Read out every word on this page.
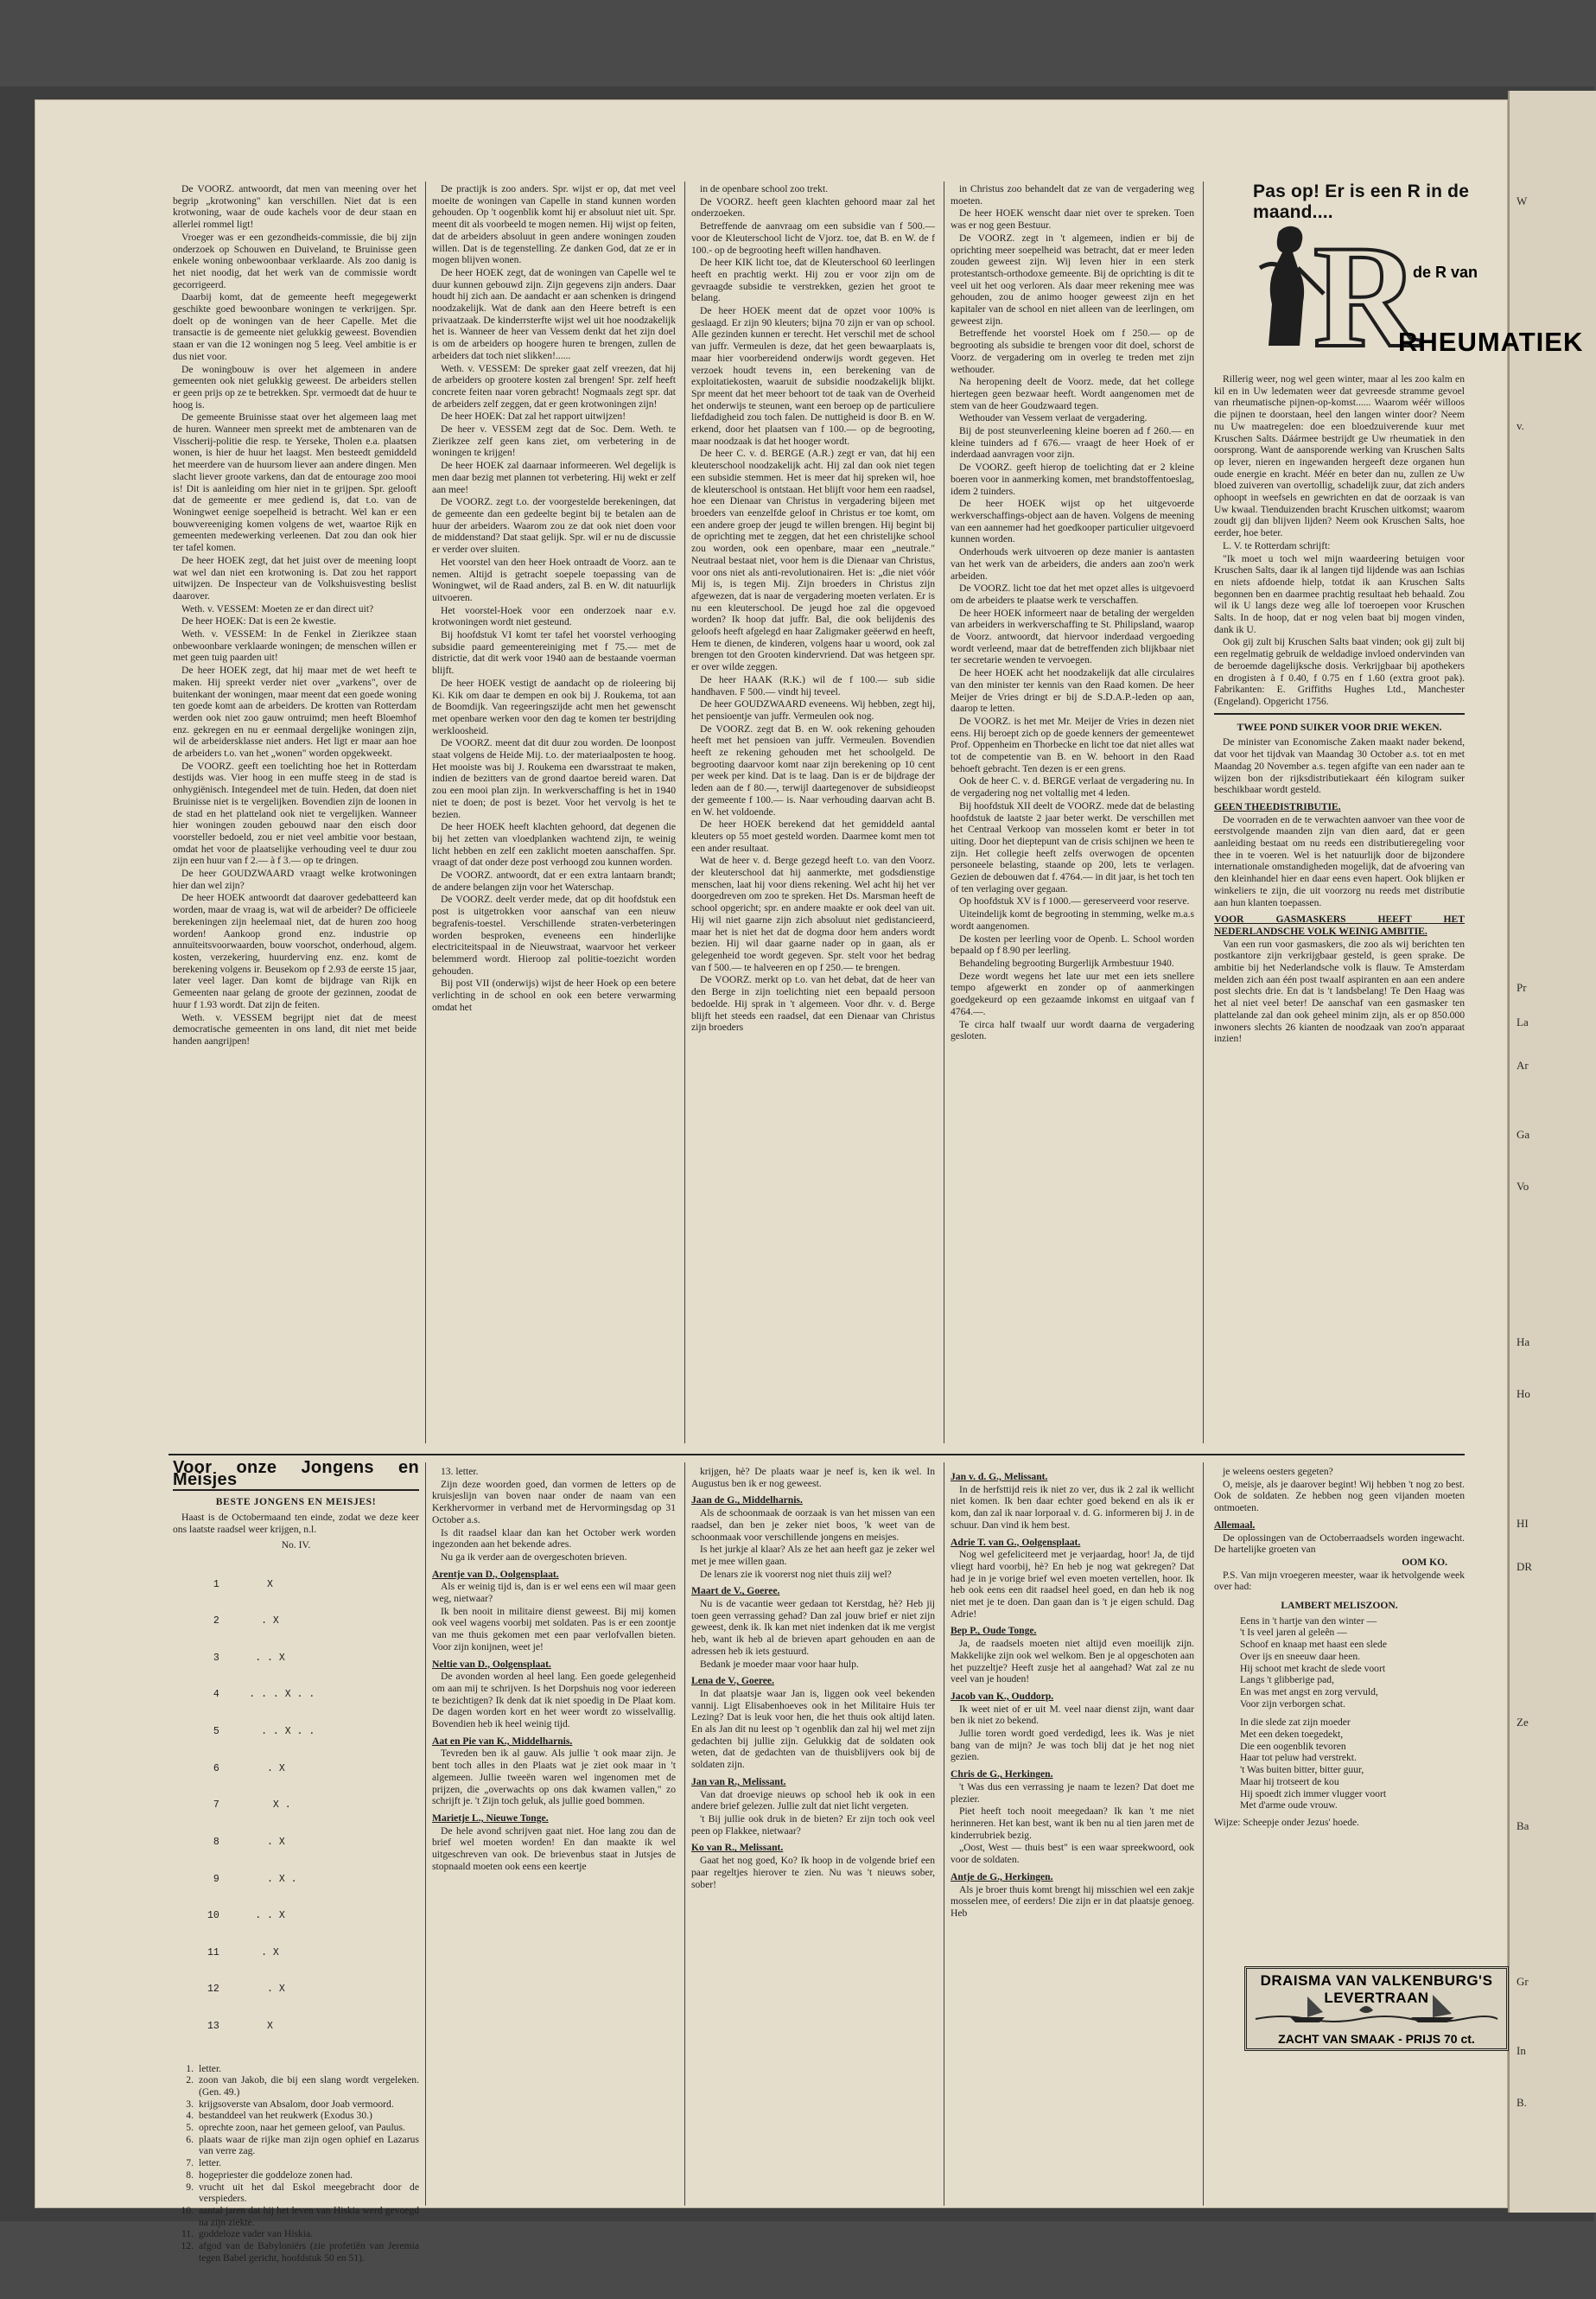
W
v.
Pr
La
Ar
Ga
Vo
Ha
Ho
HI
DR
Ze
Ba
Gr
In
B.

De VOORZ. antwoordt, dat men van meening over het begrip „krotwoning" kan verschillen. Niet dat is een krotwoning, waar de oude kachels voor de deur staan en allerlei rommel ligt!

Vroeger was er een gezondheids-commissie, die bij zijn onderzoek op Schouwen en Duiveland, te Bruinisse geen enkele woning onbewoonbaar verklaarde. Als zoo danig is het niet noodig, dat het werk van de commissie wordt gecorrigeerd.

Daarbij komt, dat de gemeente heeft megegewerkt geschikte goed bewoonbare woningen te verkrijgen. Spr. doelt op de woningen van de heer Capelle. Met die transactie is de gemeente niet gelukkig geweest. Bovendien staan er van die 12 woningen nog 5 leeg. Veel ambitie is er dus niet voor.

De woningbouw is over het algemeen in andere gemeenten ook niet gelukkig geweest. De arbeiders stellen er geen prijs op ze te betrekken. Spr. vermoedt dat de huur te hoog is.

De gemeente Bruinisse staat over het algemeen laag met de huren. Wanneer men spreekt met de ambtenaren van de Visscherij-politie die resp. te Yerseke, Tholen e.a. plaatsen wonen, is hier de huur het laagst. Men besteedt gemiddeld het meerdere van de huursom liever aan andere dingen. Men slacht liever groote varkens, dan dat de entourage zoo mooi is! Dit is aanleiding om hier niet in te grijpen. Spr. gelooft dat de gemeente er mee gediend is, dat t.o. van de Woningwet eenige soepelheid is betracht. Wel kan er een bouwvereeniging komen volgens de wet, waartoe Rijk en gemeenten medewerking verleenen. Dat zou dan ook hier ter tafel komen.

De heer HOEK zegt, dat het juist over de meening loopt wat wel dan niet een krotwoning is. Dat zou het rapport uitwijzen. De Inspecteur van de Volkshuisvesting beslist daarover.

Weth. v. VESSEM: Moeten ze er dan direct uit?

De heer HOEK: Dat is een 2e kwestie.

Weth. v. VESSEM: In de Fenkel in Zierikzee staan onbewoonbare verklaarde woningen; de menschen willen er met geen tuig paarden uit!

De heer HOEK zegt, dat hij maar met de wet heeft te maken. Hij spreekt verder niet over „varkens", over de buitenkant der woningen, maar meent dat een goede woning ten goede komt aan de arbeiders. De krotten van Rotterdam werden ook niet zoo gauw ontruimd; men heeft Bloemhof enz. gekregen en nu er eenmaal dergelijke woningen zijn, wil de arbeidersklasse niet anders. Het ligt er maar aan hoe de arbeiders t.o. van het „wonen" worden opgekweekt.

De VOORZ. geeft een toelichting hoe het in Rotterdam destijds was. Vier hoog in een muffe steeg in de stad is onhygiënisch. Integendeel met de tuin. Heden, dat doen niet Bruinisse niet is te vergelijken. Bovendien zijn de loonen in de stad en het platteland ook niet te vergelijken. Wanneer hier woningen zouden gebouwd naar den eisch door voorsteller bedoeld, zou er niet veel ambitie voor bestaan, omdat het voor de plaatselijke verhouding veel te duur zou zijn een huur van f 2.— à f 3.— op te dringen.

De heer GOUDZWAARD vraagt welke krotwoningen hier dan wel zijn?

De heer HOEK antwoordt dat daarover gedebatteerd kan worden, maar de vraag is, wat wil de arbeider? De officieele berekeningen zijn heelemaal niet, dat de huren zoo hoog worden! Aankoop grond enz. industrie op annuïteitsvoorwaarden, bouw voorschot, onderhoud, algem. kosten, verzekering, huurderving enz. enz. komt de berekening volgens ir. Beusekom op f 2.93 de eerste 15 jaar, later veel lager. Dan komt de bijdrage van Rijk en Gemeenten naar gelang de groote der gezinnen, zoodat de huur f 1.93 wordt. Dat zijn de feiten.

Weth. v. VESSEM begrijpt niet dat de meest democratische gemeenten in ons land, dit niet met beide handen aangrijpen!

De practijk is zoo anders. Spr. wijst er op, dat met veel moeite de woningen van Capelle in stand kunnen worden gehouden. Op 't oogenblik komt hij er absoluut niet uit. Spr. meent dit als voorbeeld te mogen nemen. Hij wijst op feiten, dat de arbeiders absoluut in geen andere woningen zouden willen. Dat is de tegenstelling. Ze danken God, dat ze er in mogen blijven wonen.

De heer HOEK zegt, dat de woningen van Capelle wel te duur kunnen gebouwd zijn. Zijn gegevens zijn anders. Daar houdt hij zich aan. De aandacht er aan schenken is dringend noodzakelijk. Wat de dank aan den Heere betreft is een privaatzaak. De kinderrsterfte wijst wel uit hoe noodzakelijk het is. Wanneer de heer van Vessem denkt dat het zijn doel is om de arbeiders op hoogere huren te brengen, zullen de arbeiders dat toch niet slikken!......

Weth. v. VESSEM: De spreker gaat zelf vreezen, dat hij de arbeiders op grootere kosten zal brengen! Spr. zelf heeft concrete feiten naar voren gebracht! Nogmaals zegt spr. dat de arbeiders zelf zeggen, dat er geen krotwoningen zijn!

De heer HOEK: Dat zal het rapport uitwijzen!

De heer v. VESSEM zegt dat de Soc. Dem. Weth. te Zierikzee zelf geen kans ziet, om verbetering in de woningen te krijgen!

De heer HOEK zal daarnaar informeeren. Wel degelijk is men daar bezig met plannen tot verbetering. Hij wekt er zelf aan mee!

De VOORZ. zegt t.o. der voorgestelde berekeningen, dat de gemeente dan een gedeelte begint bij te betalen aan de huur der arbeiders. Waarom zou ze dat ook niet doen voor de middenstand? Dat staat gelijk. Spr. wil er nu de discussie er verder over sluiten.

Het voorstel van den heer Hoek ontraadt de Voorz. aan te nemen. Altijd is getracht soepele toepassing van de Woningwet, wil de Raad anders, zal B. en W. dit natuurlijk uitvoeren.

Het voorstel-Hoek voor een onderzoek naar e.v. krotwoningen wordt niet gesteund.

Bij hoofdstuk VI komt ter tafel het voorstel verhooging subsidie paard gemeentereiniging met f 75.— met de districtie, dat dit werk voor 1940 aan de bestaande voerman blijft.

De heer HOEK vestigt de aandacht op de rioleering bij Ki. Kik om daar te dempen en ook bij J. Roukema, tot aan de Boomdijk. Van regeeringszijde acht men het gewenscht met openbare werken voor den dag te komen ter bestrijding werkloosheid.

De VOORZ. meent dat dit duur zou worden. De loonpost staat volgens de Heide Mij. t.o. der materiaalposten te hoog. Het mooiste was bij J. Roukema een dwarsstraat te maken, indien de bezitters van de grond daartoe bereid waren. Dat zou een mooi plan zijn. In werkverschaffing is het in 1940 niet te doen; de post is bezet. Voor het vervolg is het te bezien.

De heer HOEK heeft klachten gehoord, dat degenen die bij het zetten van vloedplanken wachtend zijn, te weinig licht hebben en zelf een zaklicht moeten aanschaffen. Spr. vraagt of dat onder deze post verhoogd zou kunnen worden.

De VOORZ. antwoordt, dat er een extra lantaarn brandt; de andere belangen zijn voor het Waterschap.

De VOORZ. deelt verder mede, dat op dit hoofdstuk een post is uitgetrokken voor aanschaf van een nieuw begrafenis-toestel. Verschillende straten-verbeteringen worden besproken, eveneens een hinderlijke electriciteitspaal in de Nieuwstraat, waarvoor het verkeer belemmerd wordt. Hieroop zal politie-toezicht worden gehouden.

Bij post VII (onderwijs) wijst de heer Hoek op een betere verlichting in de school en ook een betere verwarming omdat het

in de openbare school zoo trekt.

De VOORZ. heeft geen klachten gehoord maar zal het onderzoeken.

Betreffende de aanvraag om een subsidie van f 500.— voor de Kleuterschool licht de Vjorz. toe, dat B. en W. de f 100.- op de begrooting heeft willen handhaven.

De heer KIK licht toe, dat de Kleuterschool 60 leerlingen heeft en prachtig werkt. Hij zou er voor zijn om de gevraagde subsidie te verstrekken, gezien het groot te belang.

De heer HOEK meent dat de opzet voor 100% is geslaagd. Er zijn 90 kleuters; bijna 70 zijn er van op school. Alle gezinden kunnen er terecht. Het verschil met de school van juffr. Vermeulen is deze, dat het geen bewaarplaats is, maar hier voorbereidend onderwijs wordt gegeven. Het verzoek houdt tevens in, een berekening van de exploitatiekosten, waaruit de subsidie noodzakelijk blijkt. Spr meent dat het meer behoort tot de taak van de Overheid het onderwijs te steunen, want een beroep op de particuliere liefdadigheid zou toch falen. De nuttigheid is door B. en W. erkend, door het plaatsen van f 100.— op de begrooting, maar noodzaak is dat het hooger wordt.

De heer C. v. d. BERGE (A.R.) zegt er van, dat hij een kleuterschool noodzakelijk acht. Hij zal dan ook niet tegen een subsidie stemmen. Het is meer dat hij spreken wil, hoe de kleuterschool is ontstaan. Het blijft voor hem een raadsel, hoe een Dienaar van Christus in vergadering bijeen met broeders van eenzelfde geloof in Christus er toe komt, om een andere groep der jeugd te willen brengen. Hij begint bij de oprichting met te zeggen, dat het een christelijke school zou worden, ook een openbare, maar een „neutrale." Neutraal bestaat niet, voor hem is die Dienaar van Christus, voor ons niet als anti-revolutionairen. Het is: „die niet vóór Mij is, is tegen Mij. Zijn broeders in Christus zijn afgewezen, dat is naar de vergadering moeten verlaten. Er is nu een kleuterschool. De jeugd hoe zal die opgevoed worden? Ik hoop dat juffr. Bal, die ook belijdenis des geloofs heeft afgelegd en haar Zaligmaker geëerwd en heeft, Hem te dienen, de kinderen, volgens haar u woord, ook zal brengen tot den Grooten kindervriend. Dat was hetgeen spr. er over wilde zeggen.

De heer HAAK (R.K.) wil de f 100.— sub sidie handhaven. F 500.— vindt hij teveel.

De heer GOUDZWAARD eveneens. Wij hebben, zegt hij, het pensioentje van juffr. Vermeulen ook nog.

De VOORZ. zegt dat B. en W. ook rekening gehouden heeft met het pensioen van juffr. Vermeulen. Bovendien heeft ze rekening gehouden met het schoolgeld. De begrooting daarvoor komt naar zijn berekening op 10 cent per week per kind. Dat is te laag. Dan is er de bijdrage der leden aan de f 80.—, terwijl daartegenover de subsidieopst der gemeente f 100.— is. Naar verhouding daarvan acht B. en W. het voldoende.

De heer HOEK berekend dat het gemiddeld aantal kleuters op 55 moet gesteld worden. Daarmee komt men tot een ander resultaat.

Wat de heer v. d. Berge gezegd heeft t.o. van den Voorz. der kleuterschool dat hij aanmerkte, met godsdienstige menschen, laat hij voor diens rekening. Wel acht hij het ver doorgedreven om zoo te spreken. Het Ds. Marsman heeft de school opgericht; spr. en andere maakte er ook deel van uit. Hij wil niet gaarne zijn zich absoluut niet gedistancieerd, maar het is niet het dat de dogma door hem anders wordt bezien. Hij wil daar gaarne nader op in gaan, als er gelegenheid toe wordt gegeven. Spr. stelt voor het bedrag van f 500.— te halveeren en op f 250.— te brengen.

De VOORZ. merkt op t.o. van het debat, dat de heer van den Berge in zijn toelichting niet een bepaald persoon bedoelde. Hij sprak in 't algemeen. Voor dhr. v. d. Berge blijft het steeds een raadsel, dat een Dienaar van Christus zijn broeders

in Christus zoo behandelt dat ze van de vergadering weg moeten.

De heer HOEK wenscht daar niet over te spreken. Toen was er nog geen Bestuur.

De VOORZ. zegt in 't algemeen, indien er bij de oprichting meer soepelheid was betracht, dat er meer leden zouden geweest zijn. Wij leven hier in een sterk protestantsch-orthodoxe gemeente. Bij de oprichting is dit te veel uit het oog verloren. Als daar meer rekening mee was gehouden, zou de animo hooger geweest zijn en het kapitaler van de school en niet alleen van de leerlingen, om geweest zijn.

Betreffende het voorstel Hoek om f 250.— op de begrooting als subsidie te brengen voor dit doel, schorst de Voorz. de vergadering om in overleg te treden met zijn wethouder.

Na heropening deelt de Voorz. mede, dat het college hiertegen geen bezwaar heeft. Wordt aangenomen met de stem van de heer Goudzwaard tegen.

Wethouder van Vessem verlaat de vergadering.

Bij de post steunverleening kleine boeren ad f 260.— en kleine tuinders ad f 676.— vraagt de heer Hoek of er inderdaad aanvragen voor zijn.

De VOORZ. geeft hierop de toelichting dat er 2 kleine boeren voor in aanmerking komen, met brandstoffentoeslag, idem 2 tuinders.

De heer HOEK wijst op het uitgevoerde werkverschaffings-object aan de haven. Volgens de meening van een aannemer had het goedkooper particulier uitgevoerd kunnen worden.

Onderhouds werk uitvoeren op deze manier is aantasten van het werk van de arbeiders, die anders aan zoo'n werk arbeiden.

De VOORZ. licht toe dat het met opzet alles is uitgevoerd om de arbeiders te plaatse werk te verschaffen.

De heer HOEK informeert naar de betaling der wergelden van arbeiders in werkverschaffing te St. Philipsland, waarop de Voorz. antwoordt, dat hiervoor inderdaad vergoeding wordt verleend, maar dat de betreffenden zich blijkbaar niet ter secretarie wenden te vervoegen.

De heer HOEK acht het noodzakelijk dat alle circulaires van den minister ter kennis van den Raad komen. De heer Meijer de Vries dringt er bij de S.D.A.P.-leden op aan, daarop te letten.

De VOORZ. is het met Mr. Meijer de Vries in dezen niet eens. Hij beroept zich op de goede kenners der gemeentewet Prof. Oppenheim en Thorbecke en licht toe dat niet alles wat tot de competentie van B. en W. behoort in den Raad behoeft gebracht. Ten dezen is er een grens.

Ook de heer C. v. d. BERGE verlaat de vergadering nu. In de vergadering nog net voltallig met 4 leden.

Bij hoofdstuk XII deelt de VOORZ. mede dat de belasting hoofdstuk de laatste 2 jaar beter werkt. De verschillen met het Centraal Verkoop van mosselen komt er beter in tot uiting. Door het dieptepunt van de crisis schijnen we heen te zijn. Het collegie heeft zelfs overwogen de opcenten personeele belasting, staande op 200, lets te verlagen. Gezien de debouwen dat f. 4764.— in dit jaar, is het toch ten of ten verlaging over gegaan.

Op hoofdstuk XV is f 1000.— gereserveerd voor reserve.

Uiteindelijk komt de begrooting in stemming, welke m.a.s wordt aangenomen.

De kosten per leerling voor de Openb. L. School worden bepaald op f 8.90 per leerling.

Behandeling begrooting Burgerlijk Armbestuur 1940.

Deze wordt wegens het late uur met een iets snellere tempo afgewerkt en zonder op of aanmerkingen goedgekeurd op een gezaamde inkomst en uitgaaf van f 4764.—.

Te circa half twaalf uur wordt daarna de vergadering gesloten.

Pas op! Er is een R in de maand....
R
de R van
RHEUMATIEK

Rillerig weer, nog wel geen winter, maar al les zoo kalm en kil en in Uw ledematen weer dat gevreesde stramme gevoel van rheumatische pijnen-op-komst...... Waarom wéér willoos die pijnen te doorstaan, heel den langen winter door? Neem nu Uw maatregelen: doe een bloedzuiverende kuur met Kruschen Salts. Dáármee bestrijdt ge Uw rheumatiek in den oorsprong. Want de aansporende werking van Kruschen Salts op lever, nieren en ingewanden hergeeft deze organen hun oude energie en kracht. Méér en beter dan nu, zullen ze Uw bloed zuiveren van overtollig, schadelijk zuur, dat zich anders ophoopt in weefsels en gewrichten en dat de oorzaak is van Uw kwaal. Tienduizenden bracht Kruschen uitkomst; waarom zoudt gij dan blijven lijden? Neem ook Kruschen Salts, hoe eerder, hoe beter.

L. V. te Rotterdam schrijft:

"Ik moet u toch wel mijn waardeering betuigen voor Kruschen Salts, daar ik al langen tijd lijdende was aan Ischias en niets afdoende hielp, totdat ik aan Kruschen Salts begonnen ben en daarmee prachtig resultaat heb behaald. Zou wil ik U langs deze weg alle lof toeroepen voor Kruschen Salts. In de hoop, dat er nog velen baat bij mogen vinden, dank ik U.

Ook gij zult bij Kruschen Salts baat vinden; ook gij zult bij een regelmatig gebruik de weldadige invloed ondervinden van de beroemde dagelijksche dosis. Verkrijgbaar bij apothekers en drogisten à f 0.40, f 0.75 en f 1.60 (extra groot pak). Fabrikanten: E. Griffiths Hughes Ltd., Manchester (Engeland). Opgericht 1756.

TWEE POND SUIKER VOOR DRIE WEKEN.

De minister van Economische Zaken maakt nader bekend, dat voor het tijdvak van Maandag 30 October a.s. tot en met Maandag 20 November a.s. tegen afgifte van een nader aan te wijzen bon der rijksdistributiekaart één kilogram suiker beschikbaar wordt gesteld.

GEEN THEEDISTRIBUTIE.

De voorraden en de te verwachten aanvoer van thee voor de eerstvolgende maanden zijn van dien aard, dat er geen aanleiding bestaat om nu reeds een distributieregeling voor thee in te voeren. Wel is het natuurlijk door de bijzondere internationale omstandigheden mogelijk, dat de afvoering van den kleinhandel hier en daar eens even hapert. Ook blijken er winkeliers te zijn, die uit voorzorg nu reeds met distributie aan hun klanten toepassen.

VOOR GASMASKERS HEEFT HET NEDERLANDSCHE VOLK WEINIG AMBITIE.

Van een run voor gasmaskers, die zoo als wij berichten ten postkantore zijn verkrijgbaar gesteld, is geen sprake. De ambitie bij het Nederlandsche volk is flauw. Te Amsterdam melden zich aan één post twaalf aspiranten en aan een andere post slechts drie. En dat is 't landsbelang! Te Den Haag was het al niet veel beter! De aanschaf van een gasmasker ten plattelande zal dan ook geheel minim zijn, als er op 850.000 inwoners slechts 26 kianten de noodzaak van zoo'n apparaat inzien!

Voor onze Jongens en Meisjes
BESTE JONGENS EN MEISJES!

Haast is de Octobermaand ten einde, zodat we deze keer ons laatste raadsel weer krijgen, n.l.

No. IV.

1        X

2       . X

3      . . X

4     . . . X . .

5       . . X . .

6        . X

7         X .

8        . X

9        . X .

10      . . X

11       . X

12        . X

13        X

1. letter.
2. zoon van Jakob, die bij een slang wordt vergeleken. (Gen. 49.)
3. krijgsoverste van Absalom, door Joab vermoord.
4. bestanddeel van het reukwerk (Exodus 30.)
5. oprechte zoon, naar het gemeen geloof, van Paulus.
6. plaats waar de rijke man zijn ogen ophief en Lazarus van verre zag.
7. letter.
8. hogepriester die goddeloze zonen had.
9. vrucht uit het dal Eskol meegebracht door de verspieders.
10. aantal jaren dat hij het leven van Hiskia werd gevoegd na zijn ziekte.
11. goddeloze vader van Hiskia.
12. afgod van de Babyloniërs (zie profetiën van Jeremia tegen Babel gericht, hoofdstuk 50 en 51).

13. letter.

Zijn deze woorden goed, dan vormen de letters op de kruisjeslijn van boven naar onder de naam van een Kerkhervormer in verband met de Hervormingsdag op 31 October a.s.

Is dit raadsel klaar dan kan het October werk worden ingezonden aan het bekende adres.

Nu ga ik verder aan de overgeschoten brieven.

Arentje van D., Oolgensplaat.

Als er weinig tijd is, dan is er wel eens een wil maar geen weg, nietwaar?

Ik ben nooit in militaire dienst geweest. Bij mij komen ook veel wagens voorbij met soldaten. Pas is er een zoontje van me thuis gekomen met een paar verlofvallen bieten. Voor zijn konijnen, weet je!

Neltie van D., Oolgensplaat.

De avonden worden al heel lang. Een goede gelegenheid om aan mij te schrijven. Is het Dorpshuis nog voor iedereen te bezichtigen? Ik denk dat ik niet spoedig in De Plaat kom. De dagen worden kort en het weer wordt zo wisselvallig. Bovendien heb ik heel weinig tijd.

Aat en Pie van K., Middelharnis.

Tevreden ben ik al gauw. Als jullie 't ook maar zijn. Je bent toch alles in den Plaats wat je ziet ook maar in 't algemeen. Jullie tweeën waren wel ingenomen met de prijzen, die „overwachts op ons dak kwamen vallen," zo schrijft je. 't Zijn toch geluk, als jullie goed bommen.

Marietje L., Nieuwe Tonge.

De hele avond schrijven gaat niet. Hoe lang zou dan de brief wel moeten worden! En dan maakte ik wel uitgeschreven van ook. De brievenbus staat in Jutsjes de stopnaald moeten ook eens een keertje

krijgen, hè? De plaats waar je neef is, ken ik wel. In Augustus ben ik er nog geweest.

Jaan de G., Middelharnis.

Als de schoonmaak de oorzaak is van het missen van een raadsel, dan ben je zeker niet boos, 'k weet van de schoonmaak voor verschillende jongens en meisjes.

Is het jurkje al klaar? Als ze het aan heeft gaz je zeker wel met je mee willen gaan.

De lenars zie ik voorerst nog niet thuis ziij wel?

Maart de V., Goeree.

Nu is de vacantie weer gedaan tot Kerstdag, hè? Heb jij toen geen verrassing gehad? Dan zal jouw brief er niet zijn geweest, denk ik. Ik kan met niet indenken dat ik me vergist heb, want ik heb al de brieven apart gehouden en aan de adressen heb ik iets gestuurd.

Bedank je moeder maar voor haar hulp.

Lena de V., Goeree.

In dat plaatsje waar Jan is, liggen ook veel bekenden vannij. Ligt Elisabenhoeves ook in het Militaire Huis ter Lezing? Dat is leuk voor hen, die het thuis ook altijd laten. En als Jan dit nu leest op 't ogenblik dan zal hij wel met zijn gedachten bij jullie zijn. Gelukkig dat de soldaten ook weten, dat de gedachten van de thuisblijvers ook bij de soldaten zijn.

Jan van R., Melissant.

Van dat droevige nieuws op school heb ik ook in een andere brief gelezen. Jullie zult dat niet licht vergeten.

't Bij jullie ook druk in de bieten? Er zijn toch ook veel peen op Flakkee, nietwaar?

Ko van R., Melissant.

Gaat het nog goed, Ko? Ik hoop in de volgende brief een paar regeltjes hierover te zien. Nu was 't nieuws sober, sober!

Jan v. d. G., Melissant.

In de herfsttijd reis ik niet zo ver, dus ik 2 zal ik wellicht niet komen. Ik ben daar echter goed bekend en als ik er kom, dan zal ik naar lorporaal v. d. G. informeren bij J. in de schuur. Dan vind ik hem best.

Adrie T. van G., Oolgensplaat.

Nog wel gefeliciteerd met je verjaardag, hoor! Ja, de tijd vliegt hard voorbij, hè? En heb je nog wat gekregen? Dat had je in je vorige brief wel even moeten vertellen, hoor. Ik heb ook eens een dit raadsel heel goed, en dan heb ik nog niet met je te doen. Dan gaan dan is 't je eigen schuld. Dag Adrie!

Bep P., Oude Tonge.

Ja, de raadsels moeten niet altijd even moeilijk zijn. Makkelijke zijn ook wel welkom. Ben je al opgeschoten aan het puzzeltje? Heeft zusje het al aangehad? Wat zal ze nu veel van je houden!

Jacob van K., Ouddorp.

Ik weet niet of er uit M. veel naar dienst zijn, want daar ben ik niet zo bekend.

Jullie toren wordt goed verdedigd, lees ik. Was je niet bang van de mijn? Je was toch blij dat je het nog niet gezien.

Chris de G., Herkingen.

't Was dus een verrassing je naam te lezen? Dat doet me plezier.

Piet heeft toch nooit meegedaan? Ik kan 't me niet herinneren. Het kan best, want ik ben nu al tien jaren met de kinderrubriek bezig.

„Oost, West — thuis best" is een waar spreekwoord, ook voor de soldaten.

Antje de G., Herkingen.

Als je broer thuis komt brengt hij misschien wel een zakje mosselen mee, of eerders! Die zijn er in dat plaatsje genoeg. Heb

je weleens oesters gegeten?

O, meisje, als je daarover begint! Wij hebben 't nog zo best. Ook de soldaten. Ze hebben nog geen vijanden moeten ontmoeten.

Allemaal.

De oplossingen van de Octoberraadsels worden ingewacht. De hartelijke groeten van

OOM KO.

P.S. Van mijn vroegeren meester, waar ik hetvolgende week over had:

LAMBERT MELISZOON.

Eens in 't hartje van den winter —
't Is veel jaren al geleên —
Schoof en knaap met haast een slede
Over ijs en sneeuw daar heen.
Hij schoot met kracht de slede voort
Langs 't glibberige pad,
En was met angst en zorg vervuld,
Voor zijn verborgen schat.
In die slede zat zijn moeder
Met een deken toegedekt,
Die een oogenblik tevoren
Haar tot peluw had verstrekt.
't Was buiten bitter, bitter guur,
Maar hij trotseert de kou
Hij spoedt zich immer vlugger voort
Met d'arme oude vrouw.

Wijze: Scheepje onder Jezus' hoede.

DRAISMA VAN VALKENBURG'S LEVERTRAAN
ZACHT VAN SMAAK - PRIJS 70 ct.
